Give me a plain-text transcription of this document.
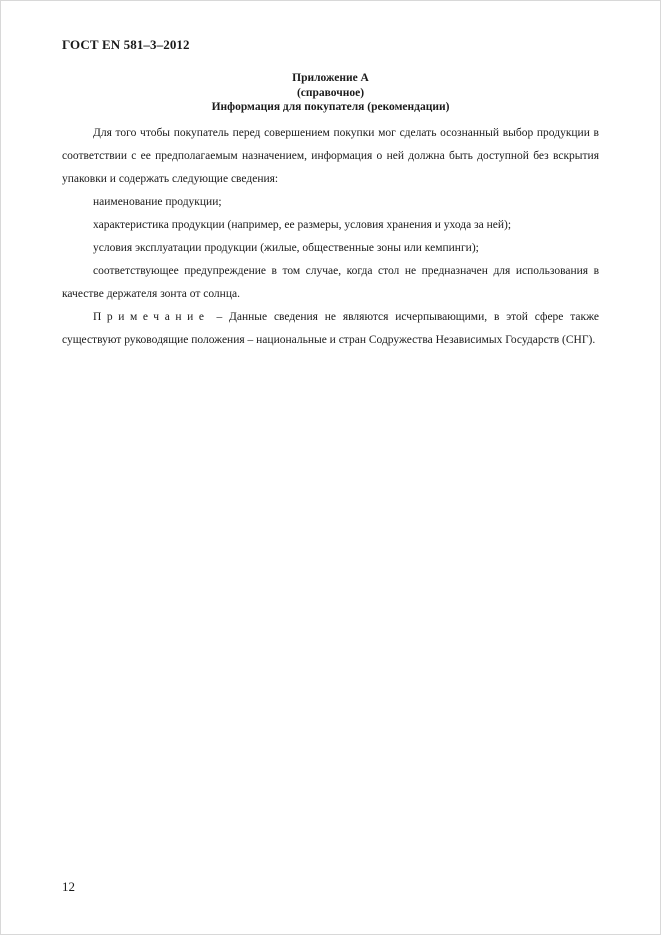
ГОСТ EN 581–3–2012
Приложение А
(справочное)
Информация для покупателя (рекомендации)

Для того чтобы покупатель перед совершением покупки мог сделать осознанный выбор продукции в соответствии с ее предполагаемым назначением, информация о ней должна быть доступной без вскрытия упаковки и содержать следующие сведения:

наименование продукции;

характеристика продукции (например, ее размеры, условия хранения и ухода за ней);

условия эксплуатации продукции (жилые, общественные зоны или кемпинги);

соответствующее предупреждение в том случае, когда стол не предназначен для использования в качестве держателя зонта от солнца.

Примечание – Данные сведения не являются исчерпывающими, в этой сфере также существуют руководящие положения – национальные и стран Содружества Независимых Государств (СНГ).

12
